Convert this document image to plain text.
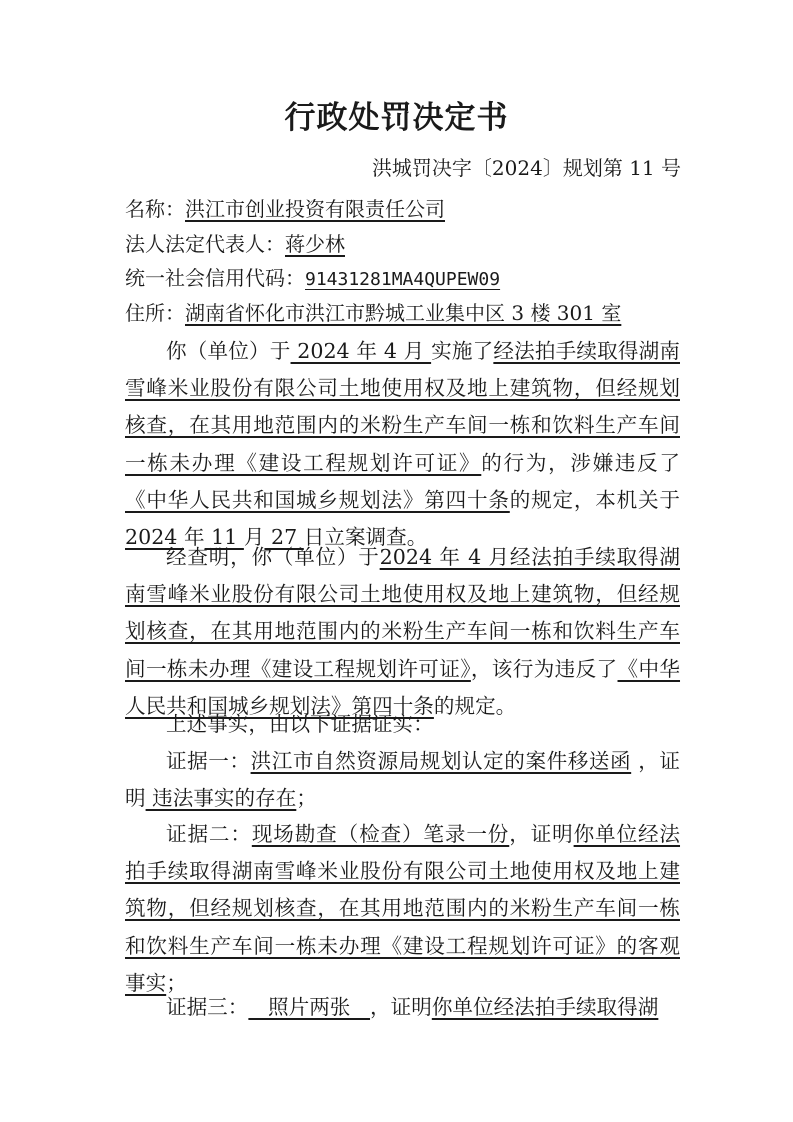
行政处罚决定书
洪城罚决字〔2024〕规划第 11 号
名称：洪江市创业投资有限责任公司
法人法定代表人：蒋少林
统一社会信用代码：91431281MA4QUPEW09
住所：湖南省怀化市洪江市黔城工业集中区 3 楼 301 室
你（单位）于 2024 年 4 月 实施了经法拍手续取得湖南雪峰米业股份有限公司土地使用权及地上建筑物，但经规划核查，在其用地范围内的米粉生产车间一栋和饮料生产车间一栋未办理《建设工程规划许可证》的行为，涉嫌违反了《中华人民共和国城乡规划法》第四十条的规定，本机关于 2024 年 11 月 27 日立案调查。
经查明，你（单位）于2024 年 4 月经法拍手续取得湖南雪峰米业股份有限公司土地使用权及地上建筑物，但经规划核查，在其用地范围内的米粉生产车间一栋和饮料生产车间一栋未办理《建设工程规划许可证》，该行为违反了《中华人民共和国城乡规划法》第四十条的规定。
上述事实，由以下证据证实：
证据一：洪江市自然资源局规划认定的案件移送函 ，证明 违法事实的存在；
证据二：现场勘查（检查）笔录一份，证明你单位经法拍手续取得湖南雪峰米业股份有限公司土地使用权及地上建筑物，但经规划核查，在其用地范围内的米粉生产车间一栋和饮料生产车间一栋未办理《建设工程规划许可证》的客观事实；
证据三：   照片两张   ，证明你单位经法拍手续取得湖
